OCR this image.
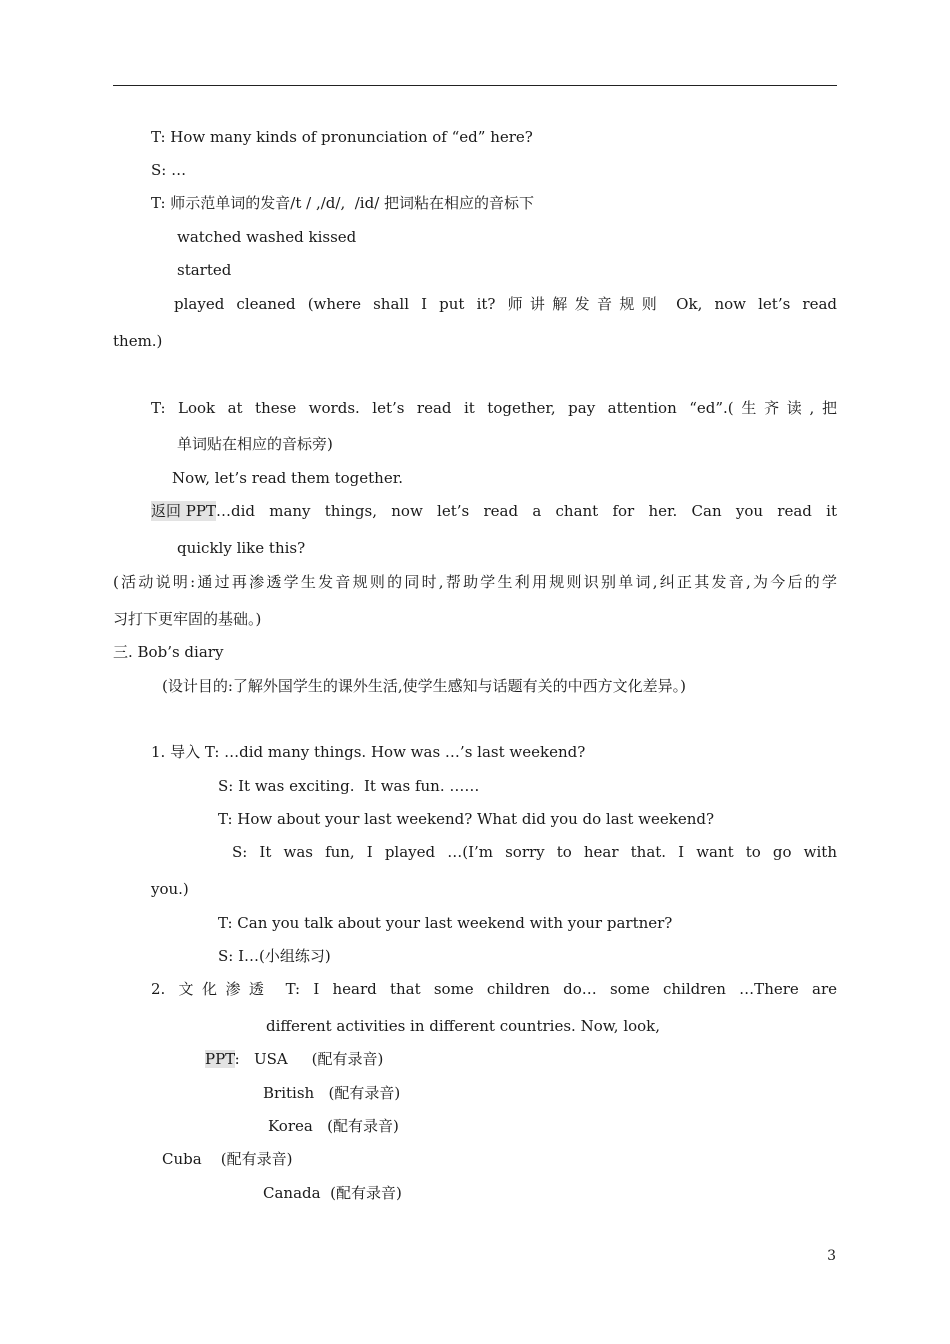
T: How many kinds of pronunciation of “ed” here?
S: …
T: 师示范单词的发音/t / ,/d/,  /id/ 把词粘在相应的音标下
watched washed kissed
started
played cleaned (where shall I put it? 师讲解发音规则 Ok, now let’s read
them.)
T: Look at these words. let’s read it together, pay attention “ed”.(生齐读,把
单词贴在相应的音标旁)
Now, let’s read them together.
返回 PPT …did many things, now let’s read a chant for her. Can you read it
quickly like this?
(活动说明:通过再渗透学生发音规则的同时,帮助学生利用规则识别单词,纠正其发音,为今后的学
习打下更牢固的基础。)
三. Bob’s diary
(设计目的:了解外国学生的课外生活,使学生感知与话题有关的中西方文化差异。)
1. 导入 T: …did many things. How was …’s last weekend?
S: It was exciting.  It was fun. ……
T: How about your last weekend? What did you do last weekend?
S: It was fun, I played …(I’m sorry to hear that. I want to go with
you.)
T: Can you talk about your last weekend with your partner?
S: I…(小组练习)
2. 文化渗透 T: I heard that some children do… some children …There are
different activities in different countries. Now, look,
PPT:   USA     (配有录音)
British   (配有录音)
Korea   (配有录音)
Cuba    (配有录音)
Canada  (配有录音)
3
